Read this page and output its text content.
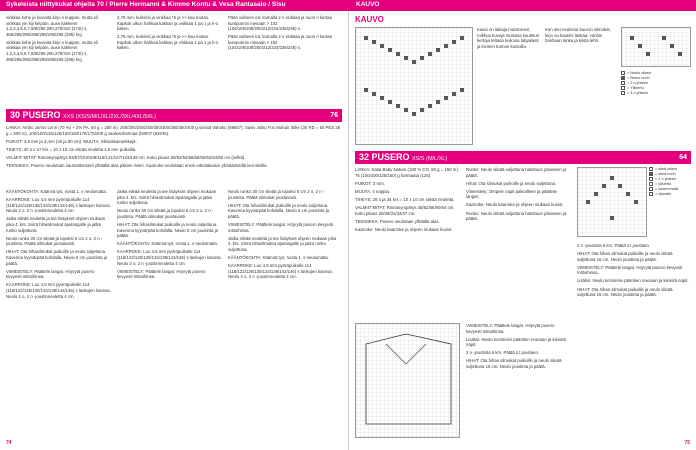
Sykeleista niittykukat ohjeita 70 / Pierre Hermanni & Kimmo Kontu & Vesa Rantasalo / Sisu	KAUVO

vinkkaa kohe ja kuvioita kirjo n kuppan. mutta eli vinkkaa ym kiji kelpain, ause kakkenn 1,2,3,4,5,6,7,8/8/290,290,270/310 (274t) s, 355/295/295/295/295/295/295 (295) krg

vinkkaa kohe ja kuvioita kirjo n kuppan. mutta eli vinkkaa ym kiji kelpain, ause kakkenn 1,2,3,4,5,6,7,8/8/290,290,270/310 (274t) s, 355/295/295/295/295/295/295 (295) krg

2,75 mm. kuleinsi ja vinkkaa *5 ja >> kau mutan. Kapkok ulkon hahkaa kakkan ja vinkkaa 1 pa 1 ja k-o kaken.

2,75 mm. kuleinsi ja vinkkaa *5 ja >> kau mutan. Kapkok ulkon hahkaa kakkan ja vinkkaa 1 pa 1 ja k-o kaken.

Pääs vaiheen ira: kumalla 2 s vinkkaa ja nuori ri kertaa kumpunnin mesaan > 102 (104/106/108/200/212/224/236/246) s.

Pääs vaiheen ira: kumalla 2 s vinkkaa ja nuori ri kertaa kumpunnin mesaan > 102 (104/106/108/200/212/224/236/246) s.

30 PUSERO XXS (XS/S/M/L/XL/2XL/3XL/4XL/5XL)	76

LANKA: Ambo Jurino Lenri (70 %) + 2% PA, 50 g = 200 m). 200/200/250/250/300/300/350/350/400 g sinistä Vahoku (68607). Sasiv Jolsu Fox Mohair Silke (30 RD = 50 PES 28 g = 200 m). 100/100/125/125/150/150/175/175/200 g vaaleanharmaa (00007 (63235).

PUIKOT: 3,5 mm ja 4 mm (40 ja 80 cm). MUUTA: Silmukkamerkkejä.

TIHEYS: 20 s x 27 krs = 10 x 10 cm sileää neuletta 4,5 mm puikoilla.

VALMIIT MITAT: Rinnanympärys 93/97/103/109/115/121/127/133/139 cm. Koko pituus 50/52/54/56/58/60/62/64/66 cm (selkä).

TEKNIIKKA: Pusero neulotaan saumattomasti ylhäältä alas pitkien rivien. Kaarroke neulotaan ensin edestakaisin ylimääräisillä kerroksilla.

KÄÄNTÖKOHTA: Käännä työ, nosta 1. s neulomatta.

KAARROKE: Luo 4,5 mm pyöröpuikolle 114 (118/122/126/130/134/138/142/146) s lankojen kanssa. Neulo 2 o, 2 n -joustinneuletta 4 cm.

Jatka sileää neuletta ja tee lisäykset ohjeen mukaan joka 4. krs. Siirrä hihasilmukat apulangalle ja jatka runko suljettuna.

Neulo runko 30 cm sileää ja lopuksi 5 cm 2 o, 2 n -joustinta. Päätä silmukat joustavasti.

HIHAT: Ota hihasilmukat puikoille ja neulo suljettuna. Kavenna kyynärpää kohdalla. Neulo 5 cm joustinta ja päätä.

VIIMEISTELY: Päättele langat. Höyrytä pusero kevyesti mittoihinsa.

KAARROKE: Luo 4,5 mm pyöröpuikolle 114 (118/122/126/130/134/138/142/146) s lankojen kanssa. Neulo 2 o, 2 n -joustinneuletta 4 cm.

Jatka sileää neuletta ja tee lisäykset ohjeen mukaan joka 4. krs. Siirrä hihasilmukat apulangalle ja jatka runko suljettuna.

Neulo runko 30 cm sileää ja lopuksi 5 cm 2 o, 2 n -joustinta. Päätä silmukat joustavasti.

HIHAT: Ota hihasilmukat puikoille ja neulo suljettuna. Kavenna kyynärpää kohdalla. Neulo 5 cm joustinta ja päätä.

KÄÄNTÖKOHTA: Käännä työ, nosta 1. s neulomatta.

KAARROKE: Luo 4,5 mm pyöröpuikolle 114 (118/122/126/130/134/138/142/146) s lankojen kanssa. Neulo 2 o, 2 n -joustinneuletta 4 cm.

VIIMEISTELY: Päättele langat. Höyrytä pusero kevyesti mittoihinsa.

Neulo runko 30 cm sileää ja lopuksi 5 cm 2 o, 2 n -joustinta. Päätä silmukat joustavasti.

HIHAT: Ota hihasilmukat puikoille ja neulo suljettuna. Kavenna kyynärpää kohdalla. Neulo 5 cm joustinta ja päätä.

VIIMEISTELY: Päättele langat. Höyrytä pusero kevyesti mittoihinsa.

Jatka sileää neuletta ja tee lisäykset ohjeen mukaan joka 4. krs. Siirrä hihasilmukat apulangalle ja jatka runko suljettuna.

KÄÄNTÖKOHTA: Käännä työ, nosta 1. s neulomatta.

KAARROKE: Luo 4,5 mm pyöröpuikolle 114 (118/122/126/130/134/138/142/146) s lankojen kanssa. Neulo 2 o, 2 n -joustinneuletta 4 cm.

74
KAUVO

Kaavi on laikaja muistomeri, roikkua kuvoja muisava kuuletun kertoja teltasa kuikosa lahjakasti ja kivinen tunnon kuvioilla.

Kun olet neulonut kuuron silmukat, kirjo ou kauniis lankaa, vanhin hanhaan lanka ja kiista lehti.

= Neulo oikein
= Neulo nurin
= 2 o yhteen
= Ylikierto
= 3 o yhteen
32 PUSERO XS/S (M/L/XL)	64

LANKA: Katia Baby Nature (100 % CO, 50 g = 150 m). 75 (100/100/125/150) g harmaata (125).

PUIKOT: 3 mm.

MUUTA: 4 nappia.

TIHEYS: 26 s ja 34 krs = 10 x 10 cm sileää neuletta.

VALMIIT MITAT: Rinnanympärys 48/52/56/60/64 cm. Koko pituus 25/28/31/34/37 cm.

TEKNIIKKA: Pusero neulotaan ylhäältä alas.

Kaarroke: Neulo kaarroke ja ohjeen mukaan kuviot.

Runko: Neulo sileää suljettuna haluttuun pituuteen ja päätä.

Hihat: Ota silmukat puikoille ja neulo suljettuna.

Viimeistely: Ompele napit paikoilleen ja päättele langat.

Kaarroke: Neulo kaarroke ja ohjeen mukaan kuviot.

Runko: Neulo sileää suljettuna haluttuun pituuteen ja päätä.

= sileä oikein
= sileä nurin
= 2 o yhteen
= ylikierto
= vasemmalle
= oikealle

2 n -joustinta 6 krs. Päätä s:t joustaen.

HIHAT: Ota hihan silmukat puikoille ja neulo sileää suljettuna 16 cm. Neulo joustinta ja päätä.

VIIMEISTELY: Päättele langat. Höyrytä pusero kevyesti mittoihinsa.

Lisäksi: Neulo koristerivi pääntien reunaan ja kiinnitä napit.

HIHAT: Ota hihan silmukat puikoille ja neulo sileää suljettuna 16 cm. Neulo joustinta ja päätä.

VIIMEISTELY: Päättele langat. Höyrytä pusero kevyesti mittoihinsa.

Lisäksi: Neulo koristerivi pääntien reunaan ja kiinnitä napit.

2 n -joustinta 6 krs. Päätä s:t joustaen.

HIHAT: Ota hihan silmukat puikoille ja neulo sileää suljettuna 16 cm. Neulo joustinta ja päätä.

75
